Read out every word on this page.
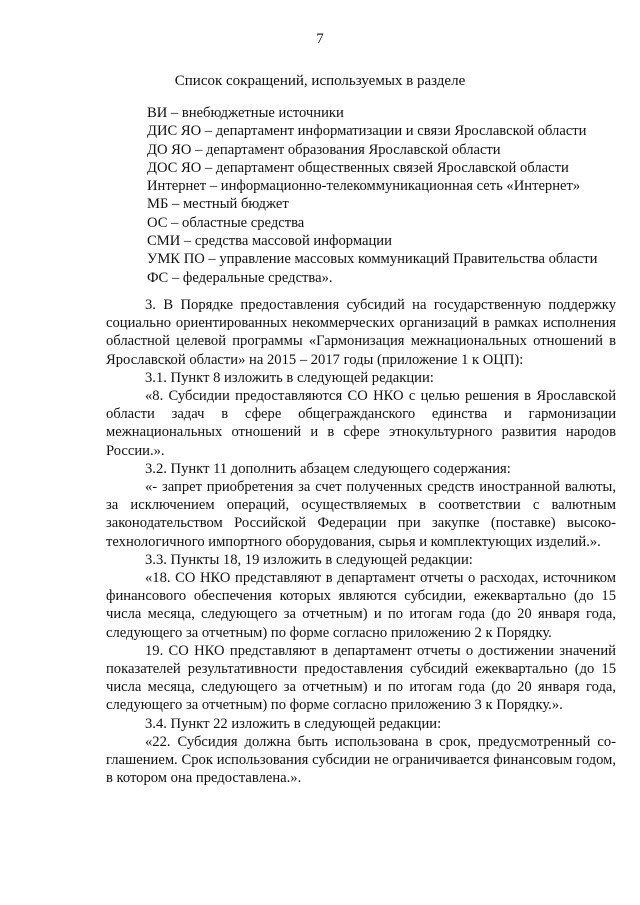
7
Список сокращений, используемых в разделе
ВИ – внебюджетные источники
ДИС ЯО – департамент информатизации и связи Ярославской области
ДО ЯО – департамент образования Ярославской области
ДОС ЯО – департамент общественных связей Ярославской области
Интернет – информационно-телекоммуникационная сеть «Интернет»
МБ – местный бюджет
ОС – областные средства
СМИ – средства массовой информации
УМК ПО – управление массовых коммуникаций Правительства области
ФС – федеральные средства».

3. В Порядке предоставления субсидий на государственную поддержку социально ориентированных некоммерческих организаций в рамках исполнения областной целевой программы «Гармонизация межнациональных отношений в Ярославской области» на 2015 – 2017 годы (приложение 1 к ОЦП):

3.1. Пункт 8 изложить в следующей редакции:

«8. Субсидии предоставляются СО НКО с целью решения в Ярославской области задач в сфере общегражданского единства и гармонизации межнациональных отношений и в сфере этнокультурного развития народов России.».

3.2. Пункт 11 дополнить абзацем следующего содержания:

«- запрет приобретения за счет полученных средств иностранной валюты, за исключением операций, осуществляемых в соответствии с валютным законодательством Российской Федерации при закупке (поставке) высокотехнологичного импортного оборудования, сырья и комплектующих изделий.».

3.3. Пункты 18, 19 изложить в следующей редакции:

«18. СО НКО представляют в департамент отчеты о расходах, источником финансового обеспечения которых являются субсидии, ежеквартально (до 15 числа месяца, следующего за отчетным) и по итогам года (до 20 января года, следующего за отчетным) по форме согласно приложению 2 к Порядку.

19. СО НКО представляют в департамент отчеты о достижении значений показателей результативности предоставления субсидий ежеквартально (до 15 числа месяца, следующего за отчетным) и по итогам года (до 20 января года, следующего за отчетным) по форме согласно приложению 3 к Порядку.».

3.4. Пункт 22 изложить в следующей редакции:

«22. Субсидия должна быть использована в срок, предусмотренный соглашением. Срок использования субсидии не ограничивается финансовым годом, в котором она предоставлена.».
